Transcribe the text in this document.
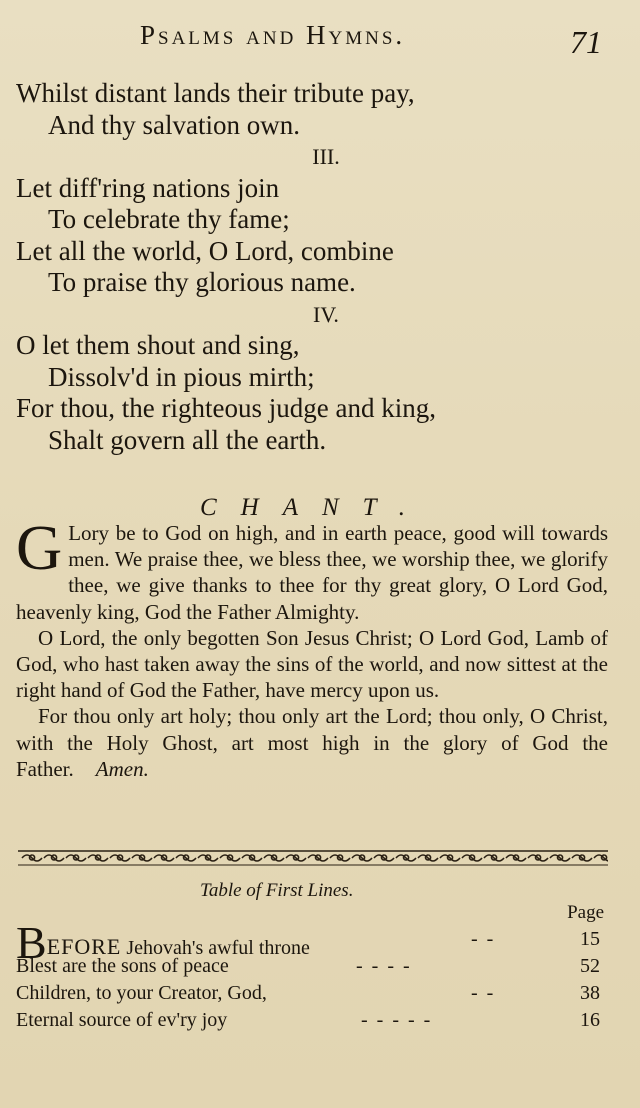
Psalms and Hymns.	71
Whilst distant lands their tribute pay,
And thy salvation own.
III.
Let diff'ring nations join
To celebrate thy fame;
Let all the world, O Lord, combine
To praise thy glorious name.
IV.
O let them shout and sing,
Dissolv'd in pious mirth;
For thou, the righteous judge and king,
Shalt govern all the earth.
CHANT.

G Lory be to God on high, and in earth peace, good will towards men. We praise thee, we bless thee, we worship thee, we glorify thee, we give thanks to thee for thy great glory, O Lord God, heavenly king, God the Father Almighty.

O Lord, the only begotten Son Jesus Christ; O Lord God, Lamb of God, who hast taken away the sins of the world, and now sittest at the right hand of God the Father, have mercy upon us.

For thou only art holy; thou only art the Lord; thou only, O Christ, with the Holy Ghost, art most high in the glory of God the Father. Amen.

Table of First Lines.
Page
BEFORE Jehovah's awful throne	- -	15
Blest are the sons of peace	- - - -	52
Children, to your Creator, God,	- -	38
Eternal source of ev'ry joy	- - - - -	16
